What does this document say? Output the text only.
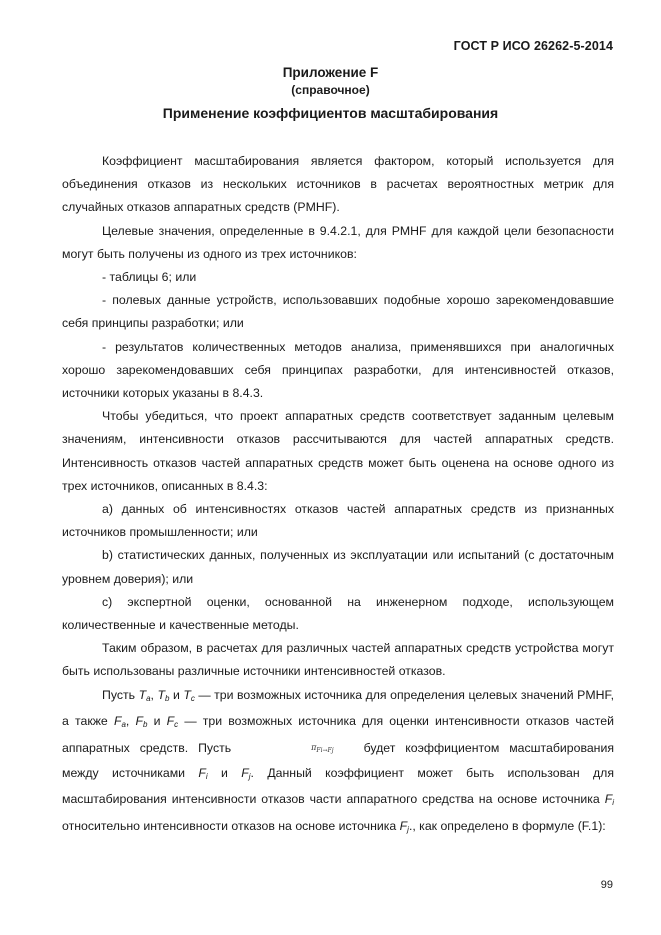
ГОСТ Р ИСО 26262-5-2014
Приложение F
(справочное)
Применение коэффициентов масштабирования

Коэффициент масштабирования является фактором, который используется для объединения отказов из нескольких источников в расчетах вероятностных метрик для случайных отказов аппаратных средств (PMHF).

Целевые значения, определенные в 9.4.2.1, для PMHF для каждой цели безопасности могут быть получены из одного из трех источников:

- таблицы 6; или

- полевых данные устройств, использовавших подобные хорошо зарекомендовавшие себя принципы разработки; или

- результатов количественных методов анализа, применявшихся при аналогичных хорошо зарекомендовавших себя принципах разработки, для интенсивностей отказов, источники которых указаны в 8.4.3.

Чтобы убедиться, что проект аппаратных средств соответствует заданным целевым значениям, интенсивности отказов рассчитываются для частей аппаратных средств. Интенсивность отказов частей аппаратных средств может быть оценена на основе одного из трех источников, описанных в 8.4.3:

а) данных об интенсивностях отказов частей аппаратных средств из признанных источников промышленности; или

b) статистических данных, полученных из эксплуатации или испытаний (с достаточным уровнем доверия); или

c) экспертной оценки, основанной на инженерном подходе, использующем количественные и качественные методы.

Таким образом, в расчетах для различных частей аппаратных средств устройства могут быть использованы различные источники интенсивностей отказов.

Пусть $T_a$, $T_b$ и $T_c$ — три возможных источника для определения целевых значений PMHF, а также $F_a$, $F_b$ и $F_c$ — три возможных источника для оценки интенсивности отказов частей аппаратных средств. Пусть	$\pi_{Fi\to Fj}$ будет коэффициентом масштабирования между источниками $F_i$ и $F_j$. Данный коэффициент может быть использован для масштабирования интенсивности отказов части аппаратного средства на основе источника $F_i$ относительно интенсивности отказов на основе источника $F_j$., как определено в формуле (F.1):

99
